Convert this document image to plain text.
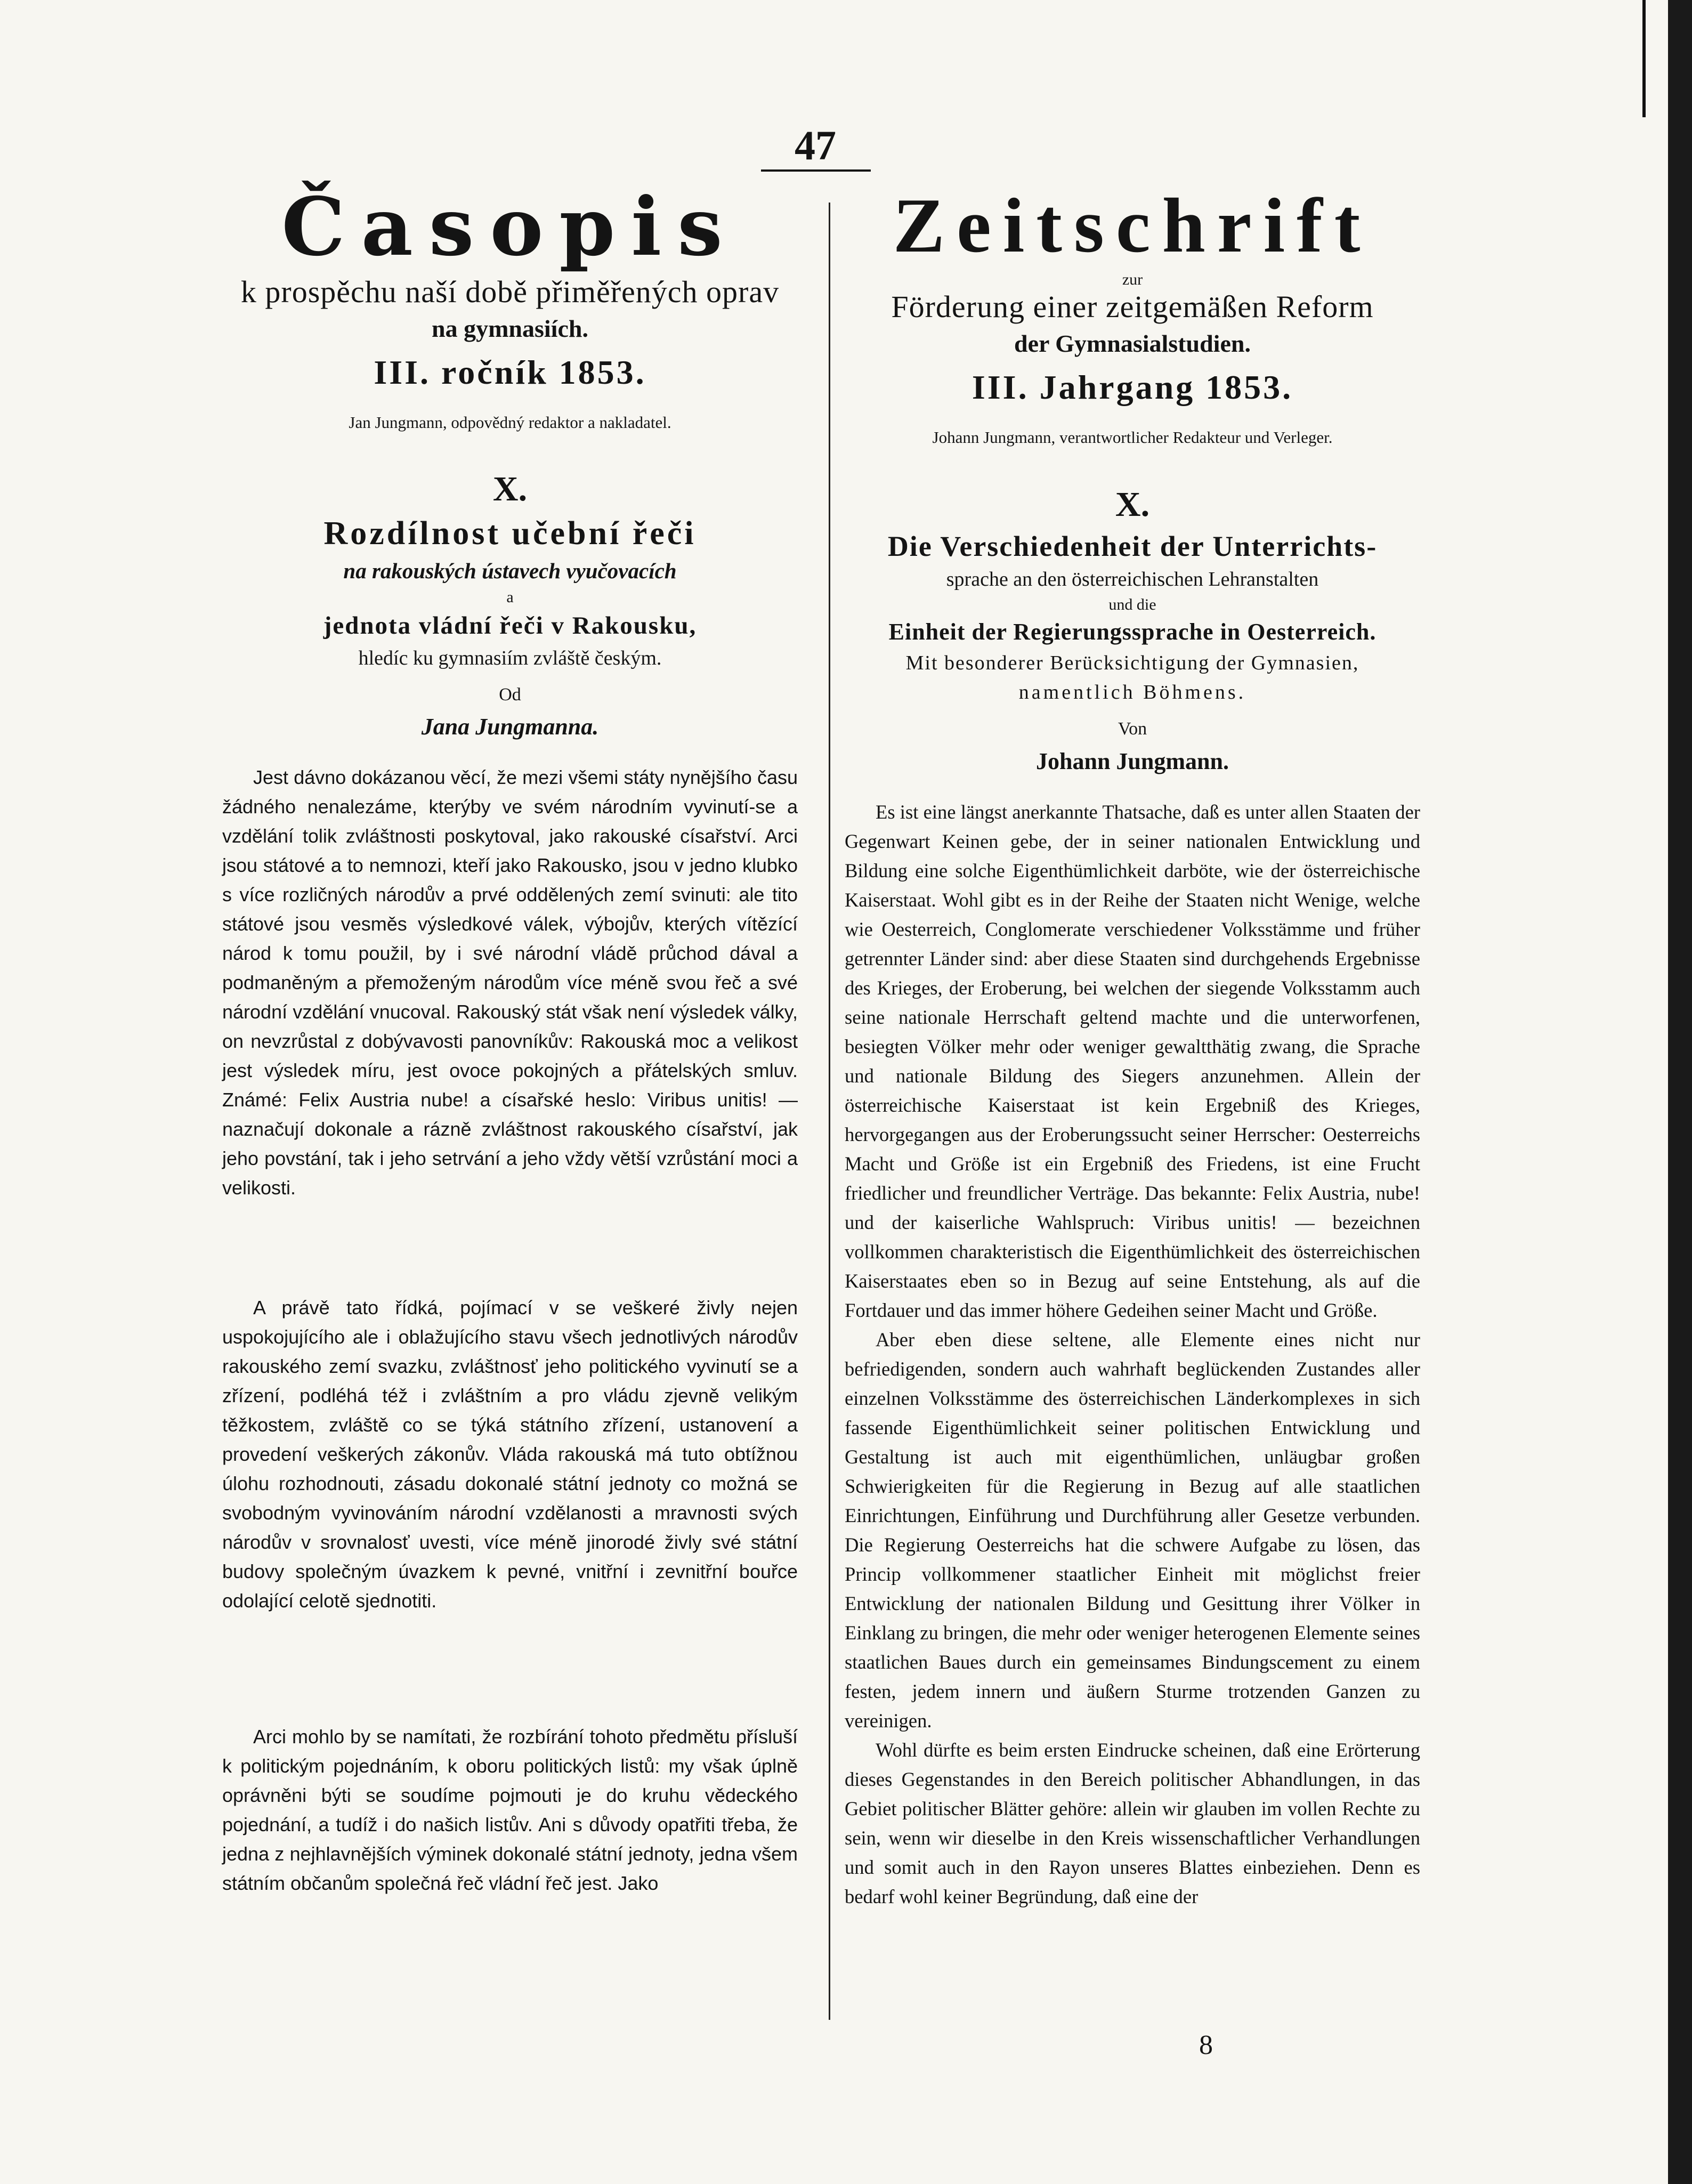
47
Časopis
k prospěchu naší době přiměřených oprav
na gymnasiích.
III. ročník 1853.
Jan Jungmann, odpovědný redaktor a nakladatel.
X.
Rozdílnost učební řeči
na rakouských ústavech vyučovacích
a
jednota vládní řeči v Rakousku,
hledíc ku gymnasiím zvláště českým.
Od
Jana Jungmanna.

Jest dávno dokázanou věcí, že mezi všemi státy nynějšího času žádného nenalezáme, kterýby ve svém národním vyvinutí-se a vzdělání tolik zvláštnosti poskytoval, jako rakouské císařství. Arci jsou státové a to nemnozi, kteří jako Rakousko, jsou v jedno klubko s více rozličných národův a prvé oddělených zemí svinuti: ale tito státové jsou vesměs výsledkové válek, výbojův, kterých vítězící národ k tomu použil, by i své národní vládě průchod dával a podmaněným a přemoženým národům více méně svou řeč a své národní vzdělání vnucoval. Rakouský stát však není výsledek války, on nevzrůstal z dobývavosti panovníkův: Rakouská moc a velikost jest výsledek míru, jest ovoce pokojných a přátelských smluv. Známé: Felix Austria nube! a císařské heslo: Viribus unitis! — naznačují dokonale a rázně zvláštnost rakouského císařství, jak jeho povstání, tak i jeho setrvání a jeho vždy větší vzrůstání moci a velikosti.

A právě tato řídká, pojímací v se veškeré živly nejen uspokojujícího ale i oblažujícího stavu všech jednotlivých národův rakouského zemí svazku, zvláštnosť jeho politického vyvinutí se a zřízení, podléhá též i zvláštním a pro vládu zjevně velikým těžkostem, zvláště co se týká státního zřízení, ustanovení a provedení veškerých zákonův. Vláda rakouská má tuto obtížnou úlohu rozhodnouti, zásadu dokonalé státní jednoty co možná se svobodným vyvinováním národní vzdělanosti a mravnosti svých národův v srovnalosť uvesti, více méně jinorodé živly své státní budovy společným úvazkem k pevné, vnitřní i zevnitřní bouřce odolající celotě sjednotiti.

Arci mohlo by se namítati, že rozbírání tohoto předmětu přísluší k politickým pojednáním, k oboru politických listů: my však úplně oprávněni býti se soudíme pojmouti je do kruhu vědeckého pojednání, a tudíž i do našich listův. Ani s důvody opatřiti třeba, že jedna z nejhlavnějších výminek dokonalé státní jednoty, jedna všem státním občanům společná řeč vládní řeč jest. Jako

Zeitschrift
zur
Förderung einer zeitgemäßen Reform
der Gymnasialstudien.
III. Jahrgang 1853.
Johann Jungmann, verantwortlicher Redakteur und Verleger.
X.
Die Verschiedenheit der Unterrichts-
sprache an den österreichischen Lehranstalten
und die
Einheit der Regierungssprache in Oesterreich.
Mit besonderer Berücksichtigung der Gymnasien,
namentlich Böhmens.
Von
Johann Jungmann.

Es ist eine längst anerkannte Thatsache, daß es unter allen Staaten der Gegenwart Keinen gebe, der in seiner nationalen Entwicklung und Bildung eine solche Eigenthümlichkeit darböte, wie der österreichische Kaiserstaat. Wohl gibt es in der Reihe der Staaten nicht Wenige, welche wie Oesterreich, Conglomerate verschiedener Volksstämme und früher getrennter Länder sind: aber diese Staaten sind durchgehends Ergebnisse des Krieges, der Eroberung, bei welchen der siegende Volksstamm auch seine nationale Herrschaft geltend machte und die unterworfenen, besiegten Völker mehr oder weniger gewaltthätig zwang, die Sprache und nationale Bildung des Siegers anzunehmen. Allein der österreichische Kaiserstaat ist kein Ergebniß des Krieges, hervorgegangen aus der Eroberungssucht seiner Herrscher: Oesterreichs Macht und Größe ist ein Ergebniß des Friedens, ist eine Frucht friedlicher und freundlicher Verträge. Das bekannte: Felix Austria, nube! und der kaiserliche Wahlspruch: Viribus unitis! — bezeichnen vollkommen charakteristisch die Eigenthümlichkeit des österreichischen Kaiserstaates eben so in Bezug auf seine Entstehung, als auf die Fortdauer und das immer höhere Gedeihen seiner Macht und Größe.

Aber eben diese seltene, alle Elemente eines nicht nur befriedigenden, sondern auch wahrhaft beglückenden Zustandes aller einzelnen Volksstämme des österreichischen Länderkomplexes in sich fassende Eigenthümlichkeit seiner politischen Entwicklung und Gestaltung ist auch mit eigenthümlichen, unläugbar großen Schwierigkeiten für die Regierung in Bezug auf alle staatlichen Einrichtungen, Einführung und Durchführung aller Gesetze verbunden. Die Regierung Oesterreichs hat die schwere Aufgabe zu lösen, das Princip vollkommener staatlicher Einheit mit möglichst freier Entwicklung der nationalen Bildung und Gesittung ihrer Völker in Einklang zu bringen, die mehr oder weniger heterogenen Elemente seines staatlichen Baues durch ein gemeinsames Bindungscement zu einem festen, jedem innern und äußern Sturme trotzenden Ganzen zu vereinigen.

Wohl dürfte es beim ersten Eindrucke scheinen, daß eine Erörterung dieses Gegenstandes in den Bereich politischer Abhandlungen, in das Gebiet politischer Blätter gehöre: allein wir glauben im vollen Rechte zu sein, wenn wir dieselbe in den Kreis wissenschaftlicher Verhandlungen und somit auch in den Rayon unseres Blattes einbeziehen. Denn es bedarf wohl keiner Begründung, daß eine der

8
